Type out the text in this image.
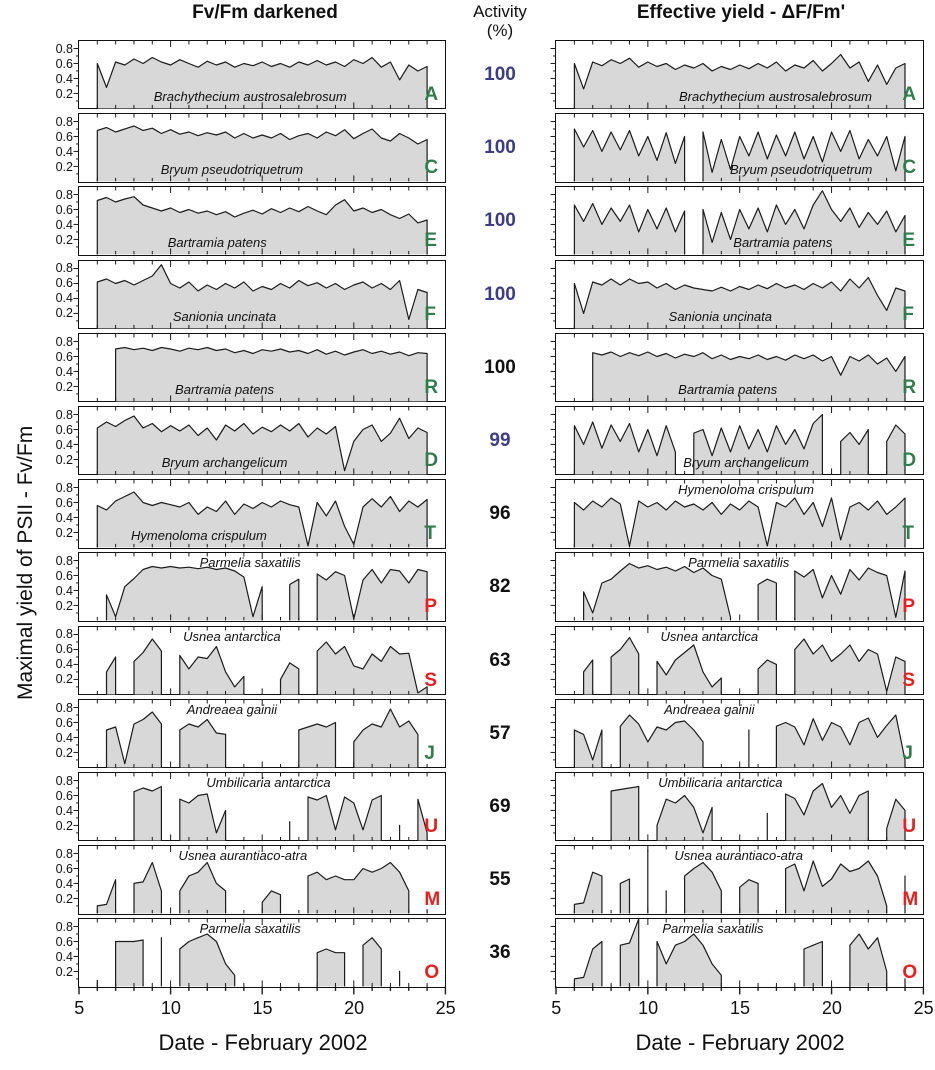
Fv/Fm darkened	Activity
(%)
Effective yield - ΔF/Fm'
Maximal yield of PSII - Fv/Fm
Date - February 2002	Date - February 2002
Brachythecium austrosalebrosum	A
0.2
0.4
0.6
0.8
Brachythecium austrosalebrosum A
100
Bryum pseudotriquetrum	C
0.2
0.4
0.6
0.8
Bryum pseudotriquetrum C
100
Bartramia patens	E
0.2
0.4
0.6
0.8
Bartramia patens	E
100
Sanionia uncinata	F
0.2
0.4
0.6
0.8
Sanionia uncinata	F
100
Bartramia patens	R
0.2
0.4
0.6
0.8
Bartramia patens	R
100
Bryum archangelicum	D
0.2
0.4
0.6
0.8
Bryum archangelicum	D
99
Hymenoloma crispulum	T
0.2
0.4
0.6
0.8	Hymenoloma crispulum
T
96
Parmelia saxatilis
P
0.2
0.4
0.6
0.8	Parmelia saxatilis
P
82
Usnea antarctica
S
0.2
0.4
0.6
0.8	Usnea antarctica
S
63
Andreaea gainii
J
0.2
0.4
0.6
0.8	Andreaea gainii
J
57
Umbilicaria antarctica
U
0.2
0.4
0.6
0.8	Umbilicaria antarctica
U
69
Usnea aurantiaco-atra
M
0.2
0.4
0.6
0.8	Usnea aurantiaco-atra
M
55
Parmelia saxatilis
O
0.2
0.4
0.6
0.8
5	10	15	20	25
Parmelia saxatilis
O
5	10	15	20	25
36
